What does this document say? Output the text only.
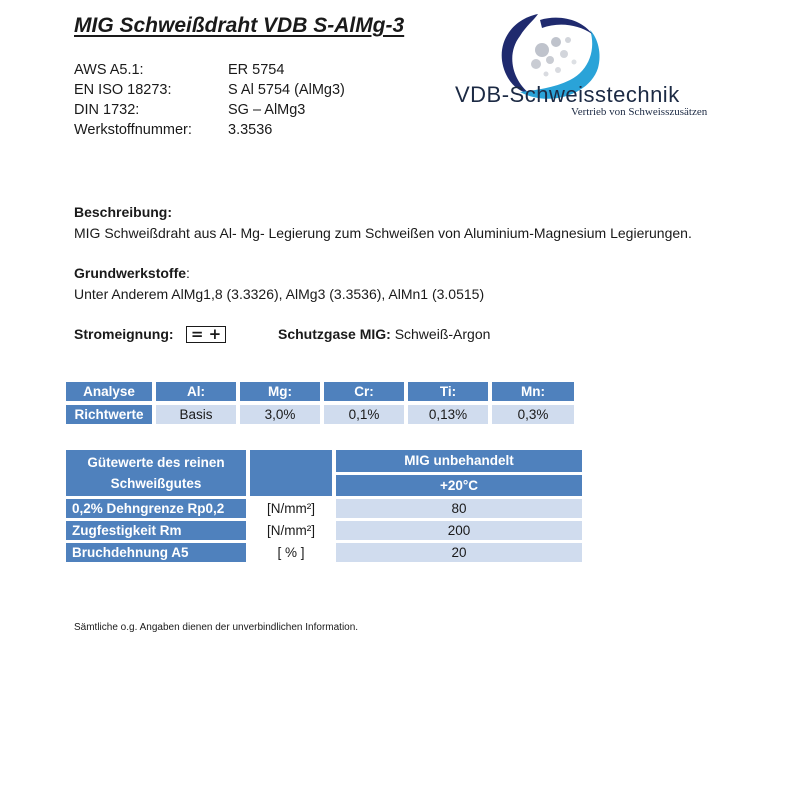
MIG Schweißdraht VDB S-AlMg-3
AWS A5.1:	ER 5754
EN ISO 18273:	S Al 5754 (AlMg3)
DIN 1732:	SG – AlMg3
Werkstoffnummer: 3.3536
VDB-Schweisstechnik
Vertrieb von Schweisszusätzen
Beschreibung:
MIG Schweißdraht aus Al- Mg- Legierung zum Schweißen von Aluminium-Magnesium Legierungen.
Grundwerkstoffe:
Unter Anderem AlMg1,8 (3.3326), AlMg3 (3.3536), AlMn1 (3.0515)
Stromeignung:	= +	Schutzgase MIG: Schweiß-Argon
Analyse	Al:	Mg:	Cr:	Ti:	Mn:
Richtwerte	Basis	3,0%	0,1%	0,13%	0,3%
Gütewerte des reinen Schweißgutes		MIG unbehandelt
		+20°C
0,2% Dehngrenze Rp0,2	[N/mm²]	80
Zugfestigkeit Rm	[N/mm²]	200
Bruchdehnung A5	[ % ]	20
Sämtliche o.g. Angaben dienen der unverbindlichen Information.
